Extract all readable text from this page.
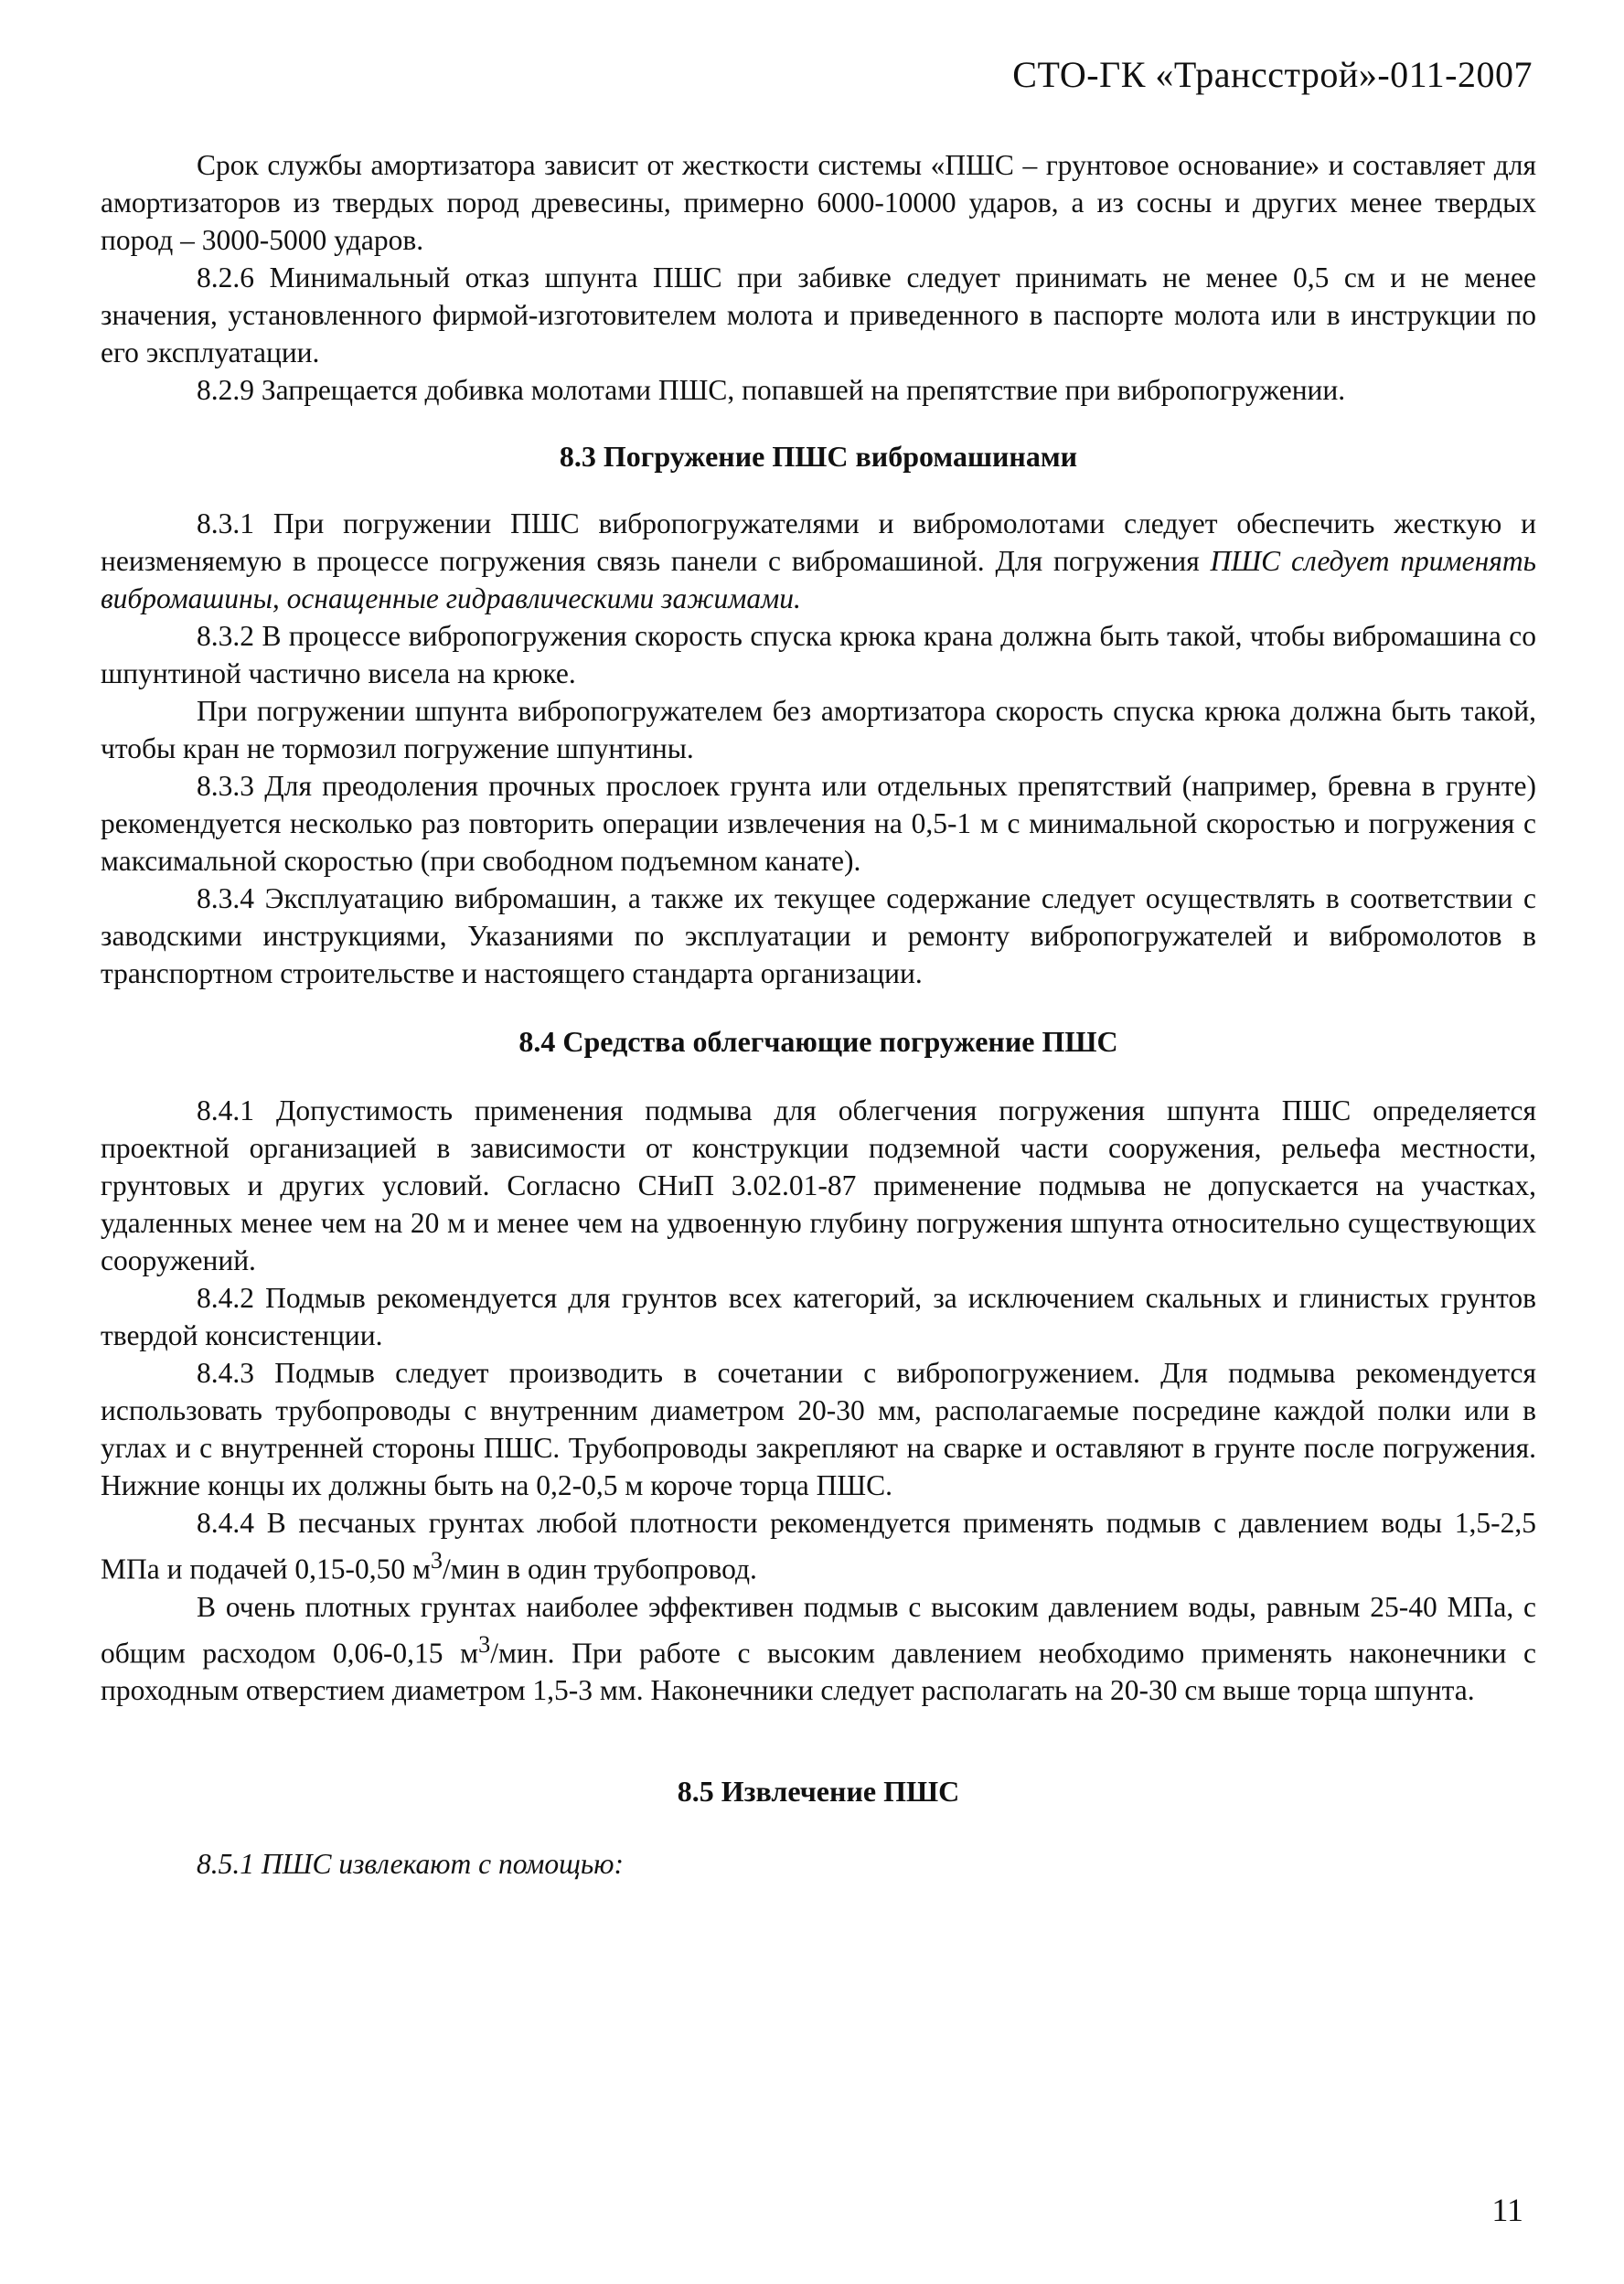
СТО-ГК «Трансстрой»-011-2007

Срок службы амортизатора зависит от жесткости системы «ПШС – грунтовое основание» и составляет для амортизаторов из твердых пород древесины, примерно 6000-10000 ударов, а из сосны и других менее твердых пород – 3000-5000 ударов.

8.2.6 Минимальный отказ шпунта ПШС при забивке следует принимать не менее 0,5 см и не менее значения, установленного фирмой-изготовителем молота и приведенного в паспорте молота или в инструкции по его эксплуатации.

8.2.9 Запрещается добивка молотами ПШС, попавшей на препятствие при вибропогружении.

8.3 Погружение ПШС вибромашинами

8.3.1 При погружении ПШС вибропогружателями и вибромолотами следует обеспечить жесткую и неизменяемую в процессе погружения связь панели с вибромашиной. Для погружения ПШС следует применять вибромашины, оснащенные гидравлическими зажимами.

8.3.2 В процессе вибропогружения скорость спуска крюка крана должна быть такой, чтобы вибромашина со шпунтиной частично висела на крюке.

При погружении шпунта вибропогружателем без амортизатора скорость спуска крюка должна быть такой, чтобы кран не тормозил погружение шпунтины.

8.3.3 Для преодоления прочных прослоек грунта или отдельных препятствий (например, бревна в грунте) рекомендуется несколько раз повторить операции извлечения на 0,5-1 м с минимальной скоростью и погружения с максимальной скоростью (при свободном подъемном канате).

8.3.4 Эксплуатацию вибромашин, а также их текущее содержание следует осуществлять в соответствии с заводскими инструкциями, Указаниями по эксплуатации и ремонту вибропогружателей и вибромолотов в транспортном строительстве и настоящего стандарта организации.

8.4 Средства облегчающие погружение ПШС

8.4.1 Допустимость применения подмыва для облегчения погружения шпунта ПШС определяется проектной организацией в зависимости от конструкции подземной части сооружения, рельефа местности, грунтовых и других условий. Согласно СНиП 3.02.01-87 применение подмыва не допускается на участках, удаленных менее чем на 20 м и менее чем на удвоенную глубину погружения шпунта относительно существующих сооружений.

8.4.2 Подмыв рекомендуется для грунтов всех категорий, за исключением скальных и глинистых грунтов твердой консистенции.

8.4.3 Подмыв следует производить в сочетании с вибропогружением. Для подмыва рекомендуется использовать трубопроводы с внутренним диаметром 20-30 мм, располагаемые посредине каждой полки или в углах и с внутренней стороны ПШС. Трубопроводы закрепляют на сварке и оставляют в грунте после погружения. Нижние концы их должны быть на 0,2-0,5 м короче торца ПШС.

8.4.4 В песчаных грунтах любой плотности рекомендуется применять подмыв с давлением воды 1,5-2,5 МПа и подачей 0,15-0,50 $м^3$/мин в один трубопровод.

В очень плотных грунтах наиболее эффективен подмыв с высоким давлением воды, равным 25-40 МПа, с общим расходом 0,06-0,15 $м^3$/мин. При работе с высоким давлением необходимо применять наконечники с проходным отверстием диаметром 1,5-3 мм. Наконечники следует располагать на 20-30 см выше торца шпунта.

8.5 Извлечение ПШС

8.5.1 ПШС извлекают с помощью:

11
